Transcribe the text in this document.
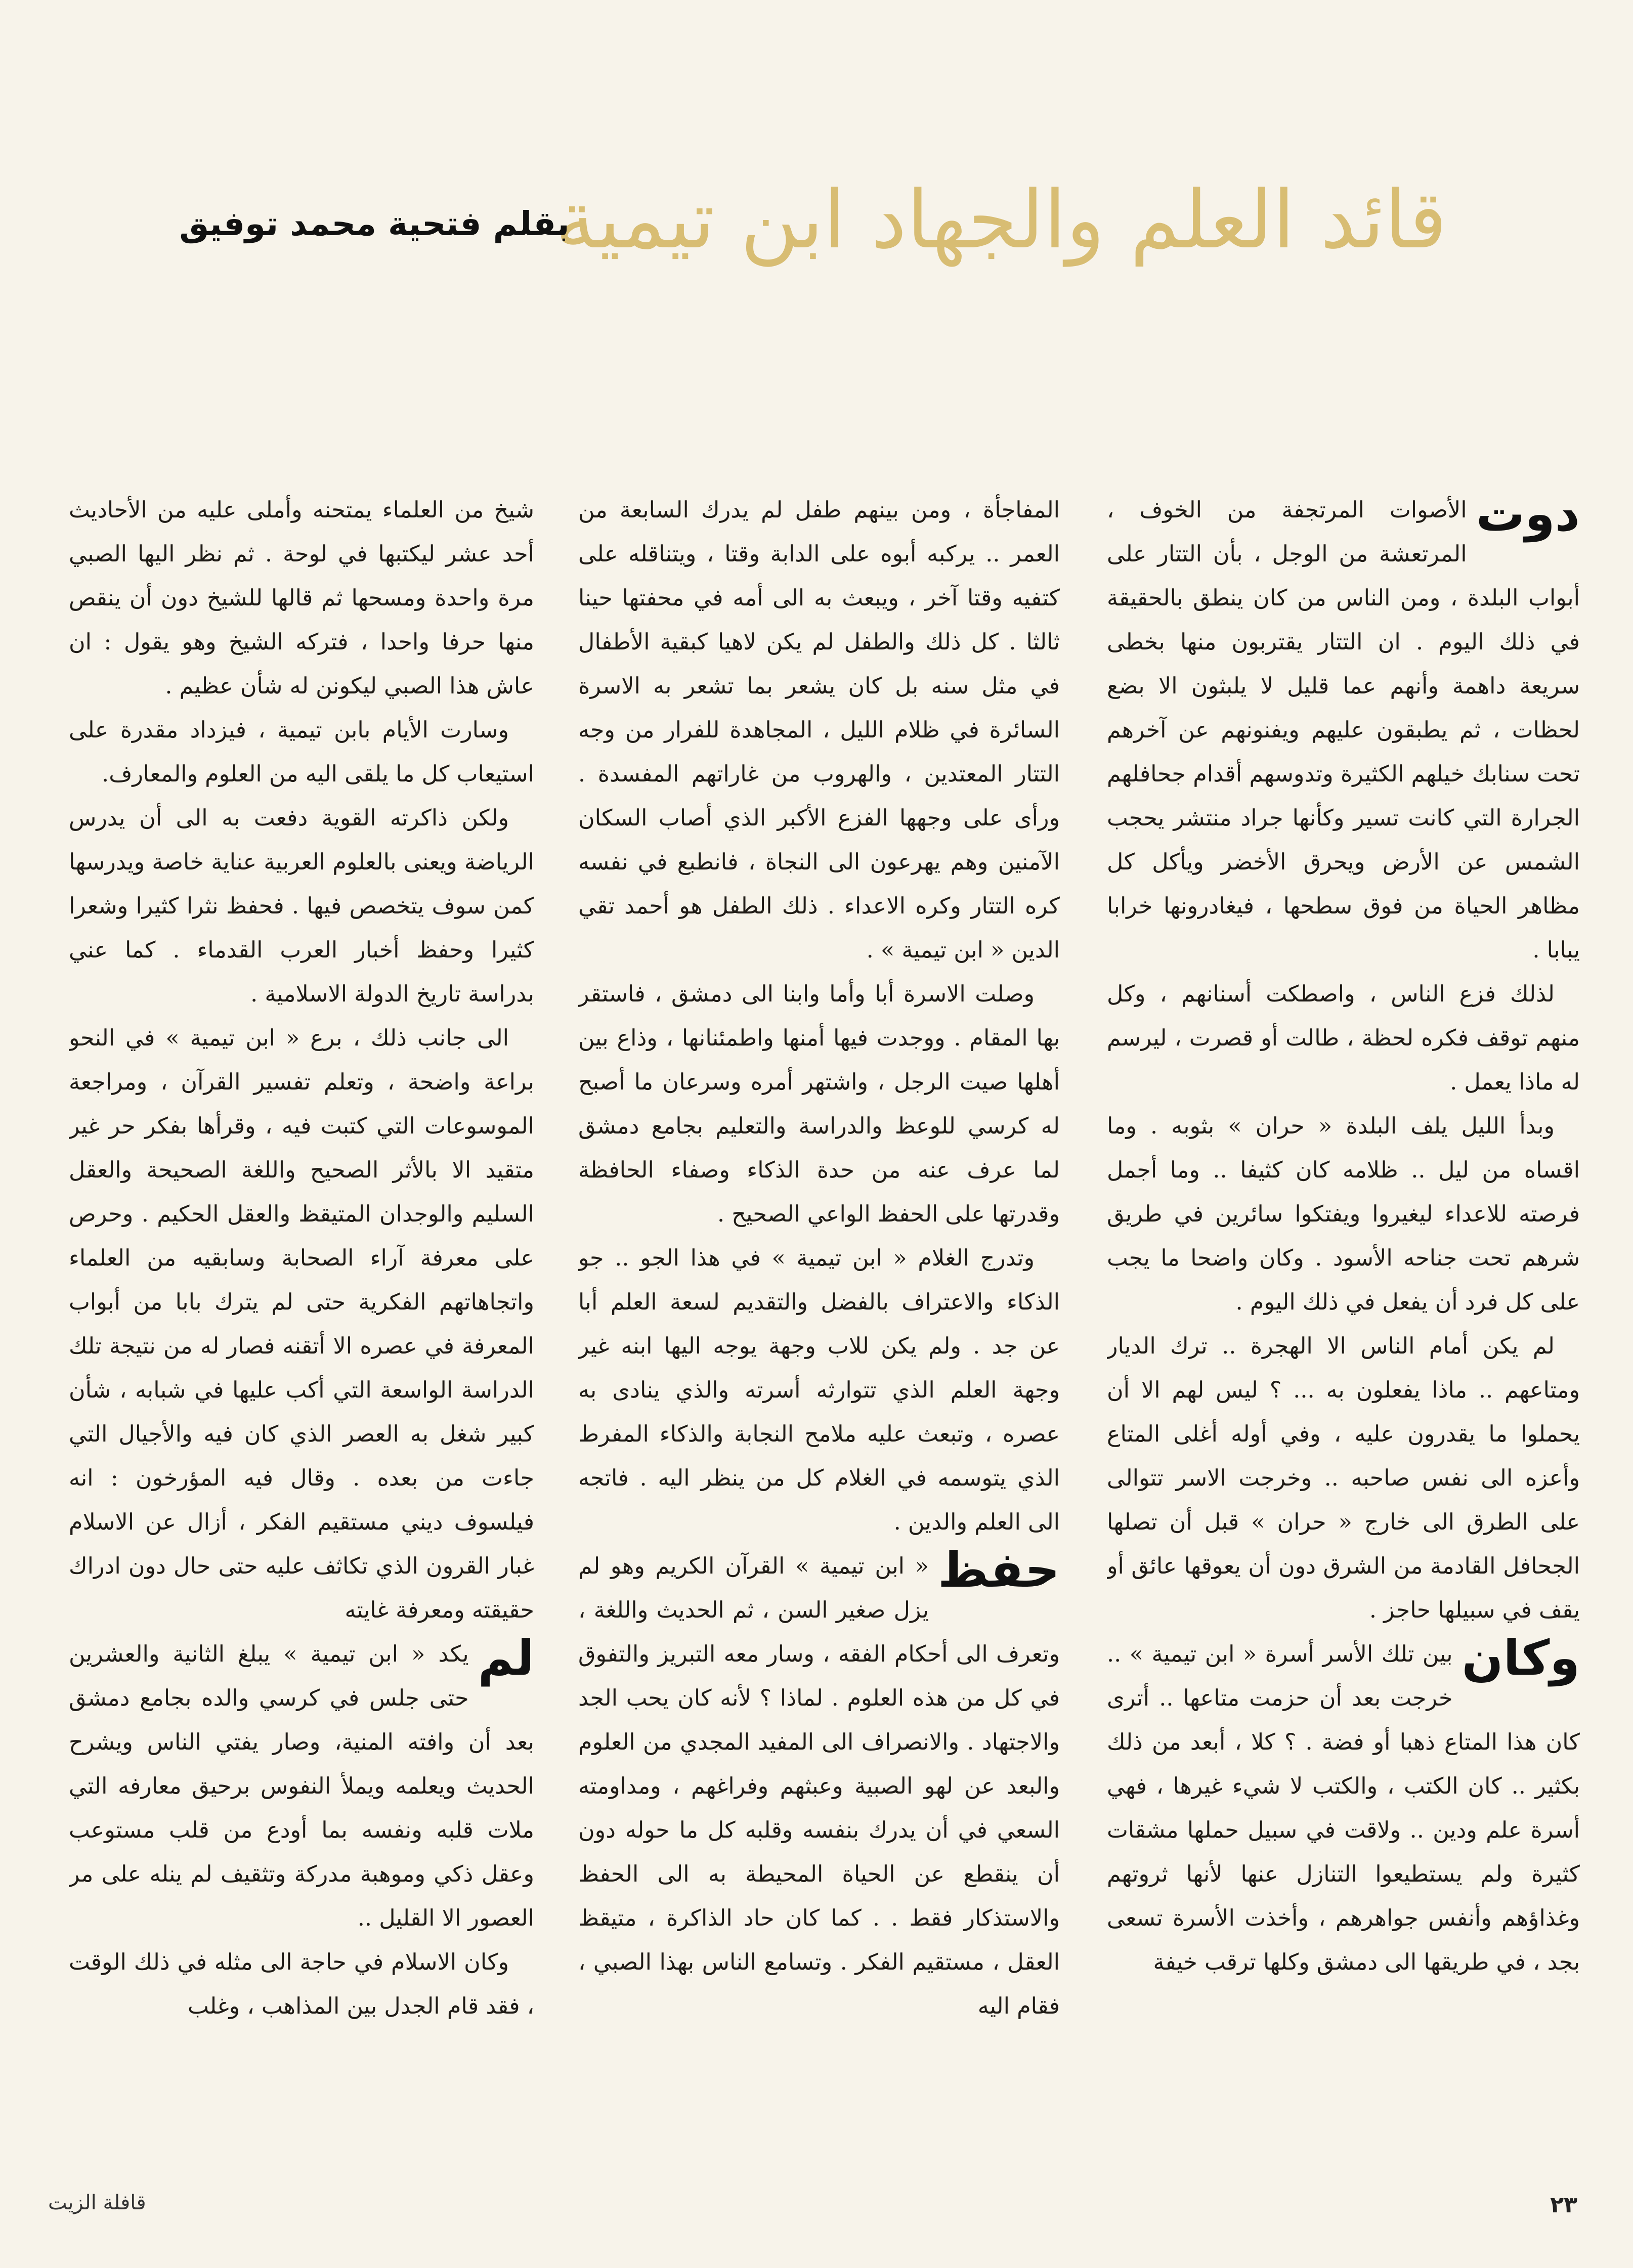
قائد العلم والجهاد ابن تيمية
بقلم فتحية محمد توفيق

دوت
الأصوات المرتجفة من الخوف ، المرتعشة من الوجل ، بأن التتار على أبواب البلدة ، ومن الناس من كان ينطق بالحقيقة في ذلك اليوم . ان التتار يقتربون منها بخطى سريعة داهمة وأنهم عما قليل لا يلبثون الا بضع لحظات ، ثم يطبقون عليهم ويفنونهم عن آخرهم تحت سنابك خيلهم الكثيرة وتدوسهم أقدام جحافلهم الجرارة التي كانت تسير وكأنها جراد منتشر يحجب الشمس عن الأرض ويحرق الأخضر ويأكل كل مظاهر الحياة من فوق سطحها ، فيغادرونها خرابا يبابا .

لذلك فزع الناس ، واصطكت أسنانهم ، وكل منهم توقف فكره لحظة ، طالت أو قصرت ، ليرسم له ماذا يعمل .

وبدأ الليل يلف البلدة « حران » بثوبه . وما اقساه من ليل .. ظلامه كان كثيفا .. وما أجمل فرصته للاعداء ليغيروا ويفتكوا سائرين في طريق شرهم تحت جناحه الأسود . وكان واضحا ما يجب على كل فرد أن يفعل في ذلك اليوم .

لم يكن أمام الناس الا الهجرة .. ترك الديار ومتاعهم .. ماذا يفعلون به ... ؟ ليس لهم الا أن يحملوا ما يقدرون عليه ، وفي أوله أغلى المتاع وأعزه الى نفس صاحبه .. وخرجت الاسر تتوالى على الطرق الى خارج « حران » قبل أن تصلها الجحافل القادمة من الشرق دون أن يعوقها عائق أو يقف في سبيلها حاجز .

وكان
بين تلك الأسر أسرة « ابن تيمية » .. خرجت بعد أن حزمت متاعها .. أترى كان هذا المتاع ذهبا أو فضة . ؟ كلا ، أبعد من ذلك بكثير .. كان الكتب ، والكتب لا شيء غيرها ، فهي أسرة علم ودين .. ولاقت في سبيل حملها مشقات كثيرة ولم يستطيعوا التنازل عنها لأنها ثروتهم وغذاؤهم وأنفس جواهرهم ، وأخذت الأسرة تسعى بجد ، في طريقها الى دمشق وكلها ترقب خيفة

المفاجأة ، ومن بينهم طفل لم يدرك السابعة من العمر .. يركبه أبوه على الدابة وقتا ، ويتناقله على كتفيه وقتا آخر ، ويبعث به الى أمه في محفتها حينا ثالثا . كل ذلك والطفل لم يكن لاهيا كبقية الأطفال في مثل سنه بل كان يشعر بما تشعر به الاسرة السائرة في ظلام الليل ، المجاهدة للفرار من وجه التتار المعتدين ، والهروب من غاراتهم المفسدة . ورأى على وجهها الفزع الأكبر الذي أصاب السكان الآمنين وهم يهرعون الى النجاة ، فانطبع في نفسه كره التتار وكره الاعداء . ذلك الطفل هو أحمد تقي الدين « ابن تيمية » .

وصلت الاسرة أبا وأما وابنا الى دمشق ، فاستقر بها المقام . ووجدت فيها أمنها واطمئنانها ، وذاع بين أهلها صيت الرجل ، واشتهر أمره وسرعان ما أصبح له كرسي للوعظ والدراسة والتعليم بجامع دمشق لما عرف عنه من حدة الذكاء وصفاء الحافظة وقدرتها على الحفظ الواعي الصحيح .

وتدرج الغلام « ابن تيمية » في هذا الجو .. جو الذكاء والاعتراف بالفضل والتقديم لسعة العلم أبا عن جد . ولم يكن للاب وجهة يوجه اليها ابنه غير وجهة العلم الذي تتوارثه أسرته والذي ينادى به عصره ، وتبعث عليه ملامح النجابة والذكاء المفرط الذي يتوسمه في الغلام كل من ينظر اليه . فاتجه الى العلم والدين .

حفظ
« ابن تيمية » القرآن الكريم وهو لم يزل صغير السن ، ثم الحديث واللغة ، وتعرف الى أحكام الفقه ، وسار معه التبريز والتفوق في كل من هذه العلوم . لماذا ؟ لأنه كان يحب الجد والاجتهاد . والانصراف الى المفيد المجدي من العلوم والبعد عن لهو الصبية وعبثهم وفراغهم ، ومداومته السعي في أن يدرك بنفسه وقلبه كل ما حوله دون أن ينقطع عن الحياة المحيطة به الى الحفظ والاستذكار فقط . . كما كان حاد الذاكرة ، متيقظ العقل ، مستقيم الفكر . وتسامع الناس بهذا الصبي ، فقام اليه

شيخ من العلماء يمتحنه وأملى عليه من الأحاديث أحد عشر ليكتبها في لوحة . ثم نظر اليها الصبي مرة واحدة ومسحها ثم قالها للشيخ دون أن ينقص منها حرفا واحدا ، فتركه الشيخ وهو يقول : ان عاش هذا الصبي ليكونن له شأن عظيم .

وسارت الأيام بابن تيمية ، فيزداد مقدرة على استيعاب كل ما يلقى اليه من العلوم والمعارف.

ولكن ذاكرته القوية دفعت به الى أن يدرس الرياضة ويعنى بالعلوم العربية عناية خاصة ويدرسها كمن سوف يتخصص فيها . فحفظ نثرا كثيرا وشعرا كثيرا وحفظ أخبار العرب القدماء . كما عني بدراسة تاريخ الدولة الاسلامية .

الى جانب ذلك ، برع « ابن تيمية » في النحو براعة واضحة ، وتعلم تفسير القرآن ، ومراجعة الموسوعات التي كتبت فيه ، وقرأها بفكر حر غير متقيد الا بالأثر الصحيح واللغة الصحيحة والعقل السليم والوجدان المتيقظ والعقل الحكيم . وحرص على معرفة آراء الصحابة وسابقيه من العلماء واتجاهاتهم الفكرية حتى لم يترك بابا من أبواب المعرفة في عصره الا أتقنه فصار له من نتيجة تلك الدراسة الواسعة التي أكب عليها في شبابه ، شأن كبير شغل به العصر الذي كان فيه والأجيال التي جاءت من بعده . وقال فيه المؤرخون : انه فيلسوف ديني مستقيم الفكر ، أزال عن الاسلام غبار القرون الذي تكاثف عليه حتى حال دون ادراك حقيقته ومعرفة غايته

لم
يكد « ابن تيمية » يبلغ الثانية والعشرين حتى جلس في كرسي والده بجامع دمشق بعد أن وافته المنية، وصار يفتي الناس ويشرح الحديث ويعلمه ويملأ النفوس برحيق معارفه التي ملات قلبه ونفسه بما أودع من قلب مستوعب وعقل ذكي وموهبة مدركة وتثقيف لم ينله على مر العصور الا القليل ..

وكان الاسلام في حاجة الى مثله في ذلك الوقت ، فقد قام الجدل بين المذاهب ، وغلب

٢٣
قافلة الزيت
